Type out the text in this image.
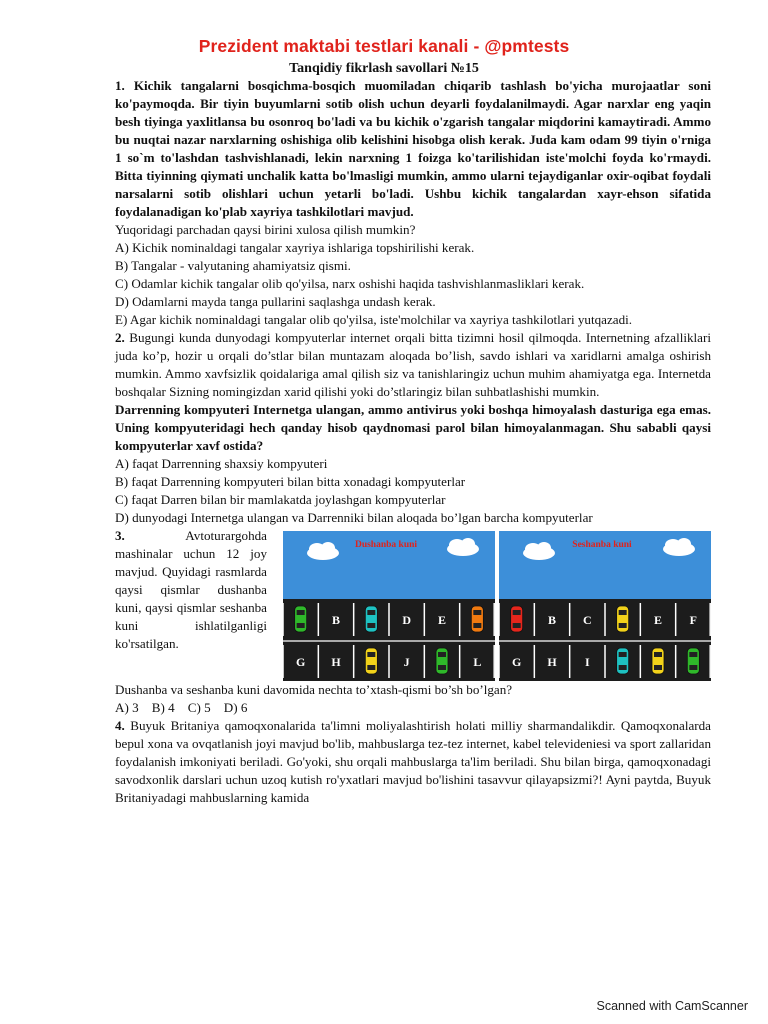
Prezident maktabi testlari kanali - @pmtests
Tanqidiy fikrlash savollari №15

1. Kichik tangalarni bosqichma-bosqich muomiladan chiqarib tashlash bo'yicha murojaatlar soni ko'paymoqda. Bir tiyin buyumlarni sotib olish uchun deyarli foydalanilmaydi. Agar narxlar eng yaqin besh tiyinga yaxlitlansa bu osonroq bo'ladi va bu kichik o'zgarish tangalar miqdorini kamaytiradi. Ammo bu nuqtai nazar narxlarning oshishiga olib kelishini hisobga olish kerak. Juda kam odam 99 tiyin o'rniga 1 so`m to'lashdan tashvishlanadi, lekin narxning 1 foizga ko'tarilishidan iste'molchi foyda ko'rmaydi. Bitta tiyinning qiymati unchalik katta bo'lmasligi mumkin, ammo ularni tejaydiganlar oxir-oqibat foydali narsalarni sotib olishlari uchun yetarli bo'ladi. Ushbu kichik tangalardan xayr-ehson sifatida foydalanadigan ko'plab xayriya tashkilotlari mavjud.

Yuqoridagi parchadan qaysi birini xulosa qilish mumkin?

A) Kichik nominaldagi tangalar xayriya ishlariga topshirilishi kerak.

B) Tangalar - valyutaning ahamiyatsiz qismi.

C) Odamlar kichik tangalar olib qo'yilsa, narx oshishi haqida tashvishlanmasliklari kerak.

D) Odamlarni mayda tanga pullarini saqlashga undash kerak.

E) Agar kichik nominaldagi tangalar olib qo'yilsa, iste'molchilar va xayriya tashkilotlari yutqazadi.

2. Bugungi kunda dunyodagi kompyuterlar internet orqali bitta tizimni hosil qilmoqda. Internetning afzalliklari juda ko’p, hozir u orqali do’stlar bilan muntazam aloqada bo’lish, savdo ishlari va xaridlarni amalga oshirish mumkin. Ammo xavfsizlik qoidalariga amal qilish siz va tanishlaringiz uchun muhim ahamiyatga ega. Internetda boshqalar Sizning nomingizdan xarid qilishi yoki do’stlaringiz bilan suhbatlashishi mumkin.

Darrenning kompyuteri Internetga ulangan, ammo antivirus yoki boshqa himoyalash dasturiga ega emas. Uning kompyuteridagi hech qanday hisob qaydnomasi parol bilan himoyalanmagan. Shu sababli qaysi kompyuterlar xavf ostida?

A) faqat Darrenning shaxsiy kompyuteri

B) faqat Darrenning kompyuteri bilan bitta xonadagi kompyuterlar

C) faqat Darren bilan bir mamlakatda joylashgan kompyuterlar

D) dunyodagi Internetga ulangan va Darrenniki bilan aloqada bo’lgan barcha kompyuterlar

3.	Avtoturargohda mashinalar uchun 12 joy mavjud. Quyidagi rasmlarda qaysi qismlar dushanba kuni, qaysi qismlar seshanba kuni ishlatilganligi ko'rsatilgan.

Dushanba kuni
B	D E
G H	J	L
Seshanba kuni
B C	E F
G H I

Dushanba va seshanba kuni davomida nechta to’xtash-qismi bo’sh bo’lgan?

A) 3 B) 4 C) 5 D) 6

4. Buyuk Britaniya qamoqxonalarida ta'limni moliyalashtirish holati milliy sharmandalikdir. Qamoqxonalarda bepul xona va ovqatlanish joyi mavjud bo'lib, mahbuslarga tez-tez internet, kabel televideniesi va sport zallaridan foydalanish imkoniyati beriladi. Go'yoki, shu orqali mahbuslarga ta'lim beriladi. Shu bilan birga, qamoqxonadagi savodxonlik darslari uchun uzoq kutish ro'yxatlari mavjud bo'lishini tasavvur qilayapsizmi?! Ayni paytda, Buyuk Britaniyadagi mahbuslarning kamida

Scanned with CamScanner
